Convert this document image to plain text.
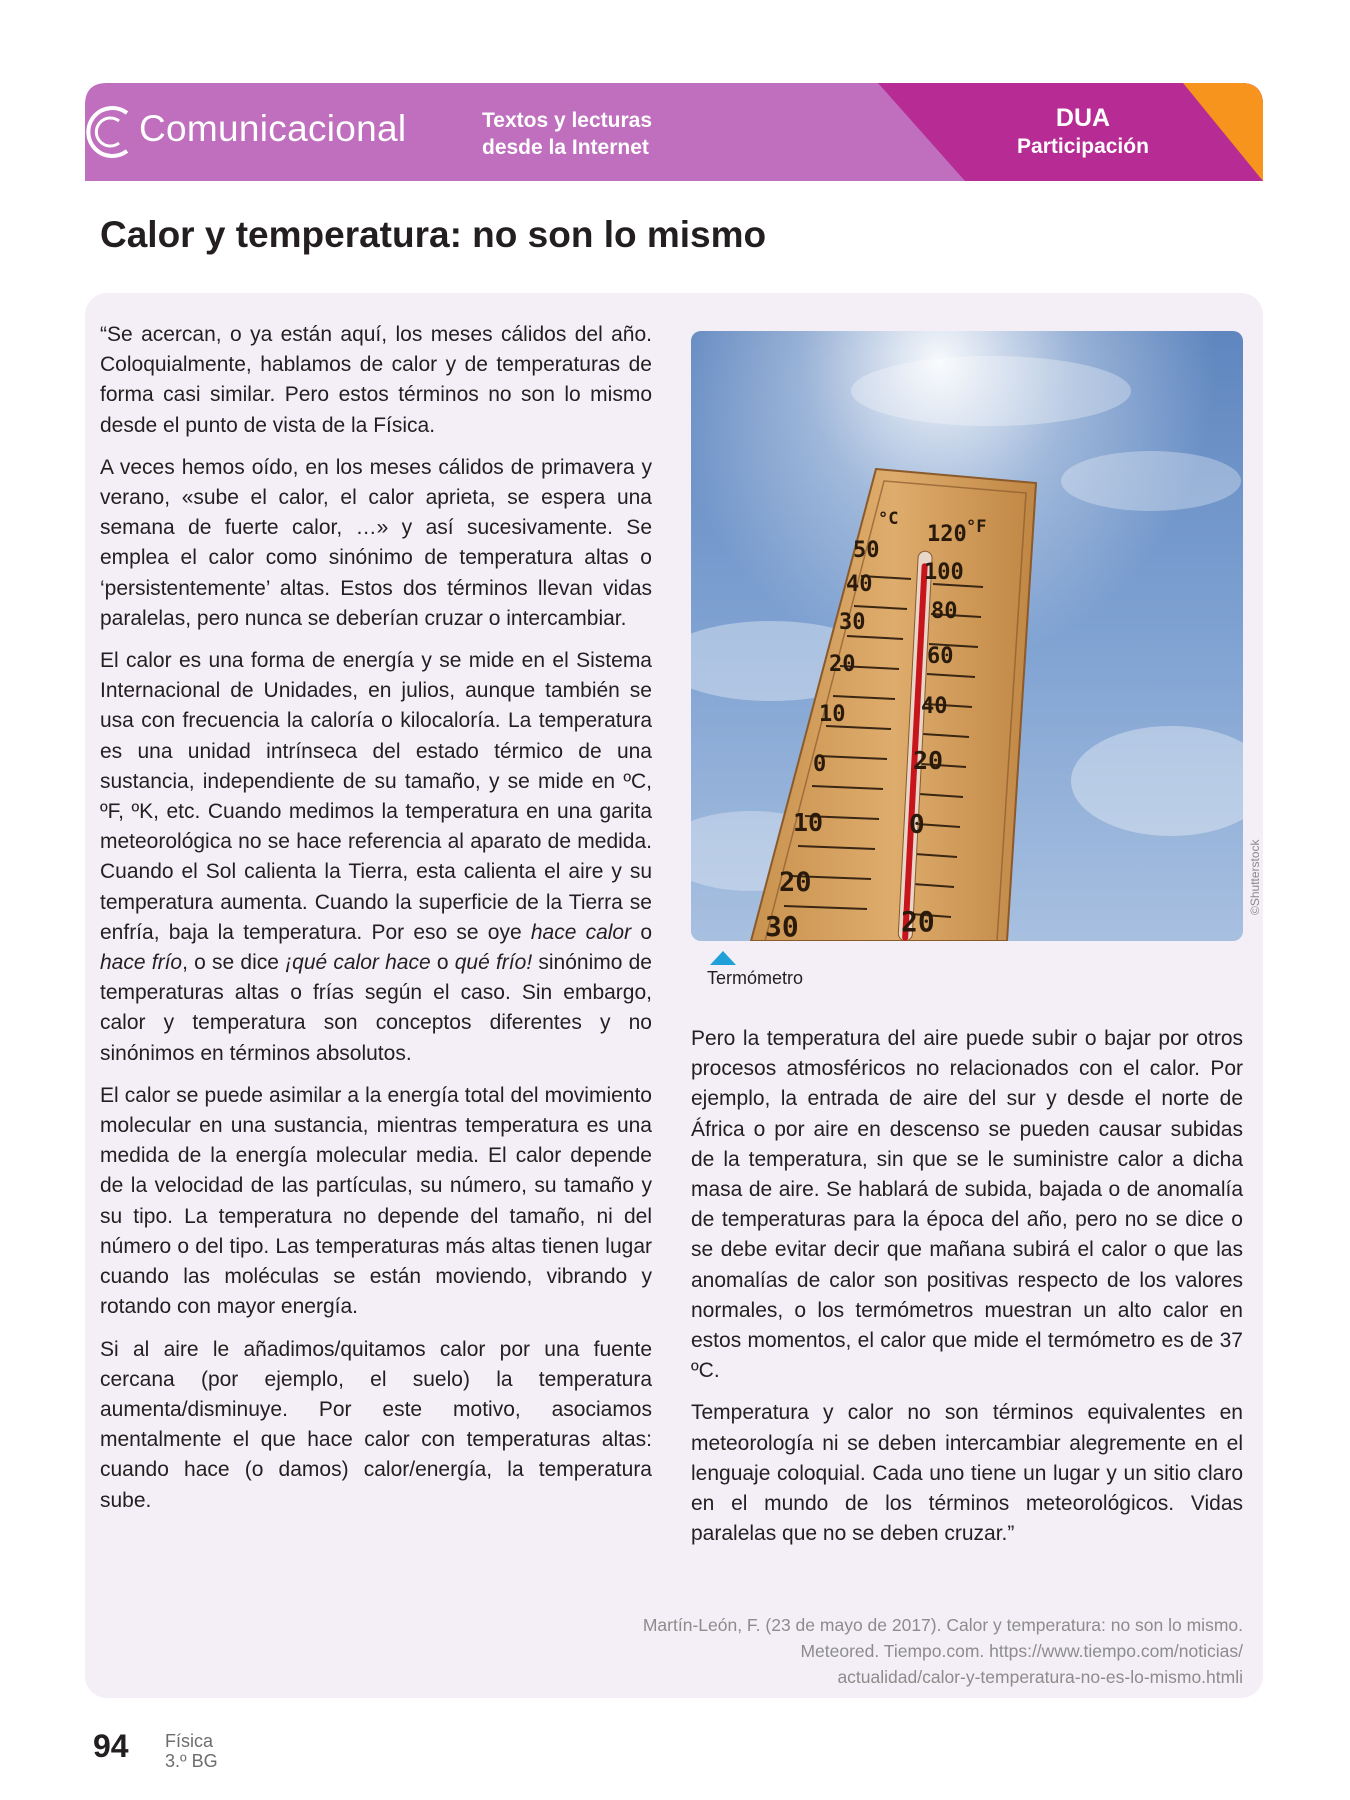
Comunicacional	Textos y lecturas
desde la Internet
DUA
Participación
Calor y temperatura: no son lo mismo

“Se acercan, o ya están aquí, los meses cálidos del año. Coloquialmente, hablamos de calor y de temperaturas de forma casi similar. Pero estos términos no son lo mismo desde el punto de vista de la Física.

A veces hemos oído, en los meses cálidos de primavera y verano, «sube el calor, el calor aprieta, se espera una semana de fuerte calor, …» y así sucesivamente. Se emplea el calor como sinónimo de temperatura altas o ‘persistentemente’ altas. Estos dos términos llevan vidas paralelas, pero nunca se deberían cruzar o intercambiar.

El calor es una forma de energía y se mide en el Sistema Internacional de Unidades, en julios, aunque también se usa con frecuencia la caloría o kilocaloría. La temperatura es una unidad intrínseca del estado térmico de una sustancia, independiente de su tamaño, y se mide en ºC, ºF, ºK, etc. Cuando medimos la temperatura en una garita meteorológica no se hace referencia al aparato de medida. Cuando el Sol calienta la Tierra, esta calienta el aire y su temperatura aumenta. Cuando la superficie de la Tierra se enfría, baja la temperatura. Por eso se oye hace calor o hace frío, o se dice ¡qué calor hace o qué frío! sinónimo de temperaturas altas o frías según el caso. Sin embargo, calor y temperatura son conceptos diferentes y no sinónimos en términos absolutos.

El calor se puede asimilar a la energía total del movimiento molecular en una sustancia, mientras temperatura es una medida de la energía molecular media. El calor depende de la velocidad de las partículas, su número, su tamaño y su tipo. La temperatura no depende del tamaño, ni del número o del tipo. Las temperaturas más altas tienen lugar cuando las moléculas se están moviendo, vibrando y rotando con mayor energía.

Si al aire le añadimos/quitamos calor por una fuente cercana (por ejemplo, el suelo) la temperatura aumenta/disminuye. Por este motivo, asociamos mentalmente el que hace calor con temperaturas altas: cuando hace (o damos) calor/energía, la temperatura sube.

°C	°F
50
40
30
20
10
0
10
20
30
120
100
80
60
40
20
0
20
©Shutterstock
Termómetro

Pero la temperatura del aire puede subir o bajar por otros procesos atmosféricos no relacionados con el calor. Por ejemplo, la entrada de aire del sur y desde el norte de África o por aire en descenso se pueden causar subidas de la temperatura, sin que se le suministre calor a dicha masa de aire. Se hablará de subida, bajada o de anomalía de temperaturas para la época del año, pero no se dice o se debe evitar decir que mañana subirá el calor o que las anomalías de calor son positivas respecto de los valores normales, o los termómetros muestran un alto calor en estos momentos, el calor que mide el termómetro es de 37 ºC.

Temperatura y calor no son términos equivalentes en meteorología ni se deben intercambiar alegremente en el lenguaje coloquial. Cada uno tiene un lugar y un sitio claro en el mundo de los términos meteorológicos. Vidas paralelas que no se deben cruzar.”

Martín-León, F. (23 de mayo de 2017). Calor y temperatura: no son lo mismo.
Meteored. Tiempo.com. https://www.tiempo.com/noticias/
actualidad/calor-y-temperatura-no-es-lo-mismo.htmli
94 Física
3.º BG
